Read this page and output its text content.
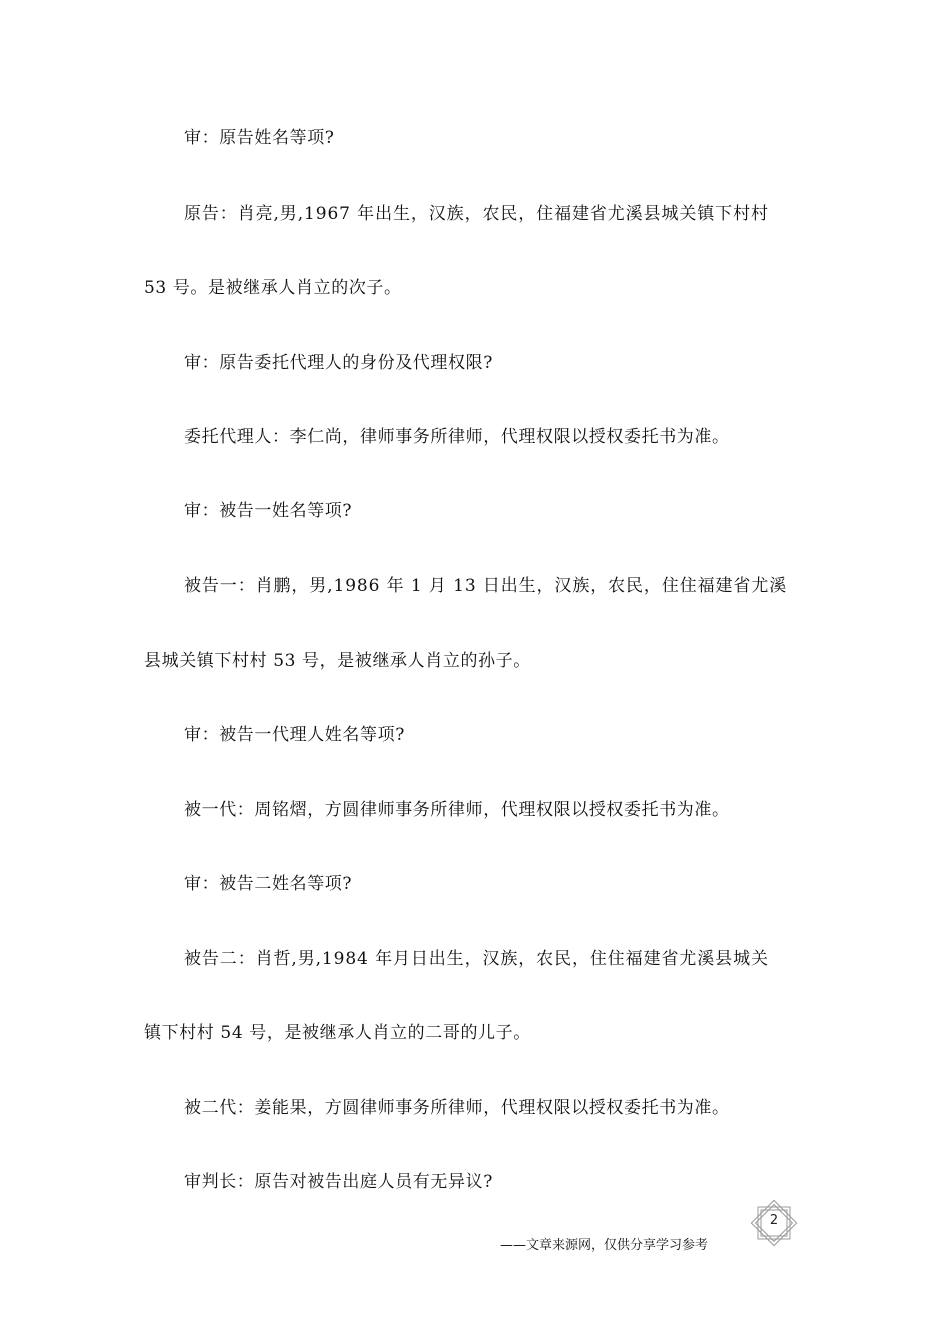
审：原告姓名等项?
原告：肖亮,男,1967 年出生，汉族，农民，住福建省尤溪县城关镇下村村
53 号。是被继承人肖立的次子。
审：原告委托代理人的身份及代理权限?
委托代理人：李仁尚，律师事务所律师，代理权限以授权委托书为准。
审：被告一姓名等项?
被告一：肖鹏，男,1986 年 1 月 13 日出生，汉族，农民，住住福建省尤溪
县城关镇下村村 53 号，是被继承人肖立的孙子。
审：被告一代理人姓名等项?
被一代：周铭熠，方圆律师事务所律师，代理权限以授权委托书为准。
审：被告二姓名等项?
被告二：肖哲,男,1984 年月日出生，汉族，农民，住住福建省尤溪县城关
镇下村村 54 号，是被继承人肖立的二哥的儿子。
被二代：姜能果，方圆律师事务所律师，代理权限以授权委托书为准。
审判长：原告对被告出庭人员有无异议?
2
——文章来源网，仅供分享学习参考
